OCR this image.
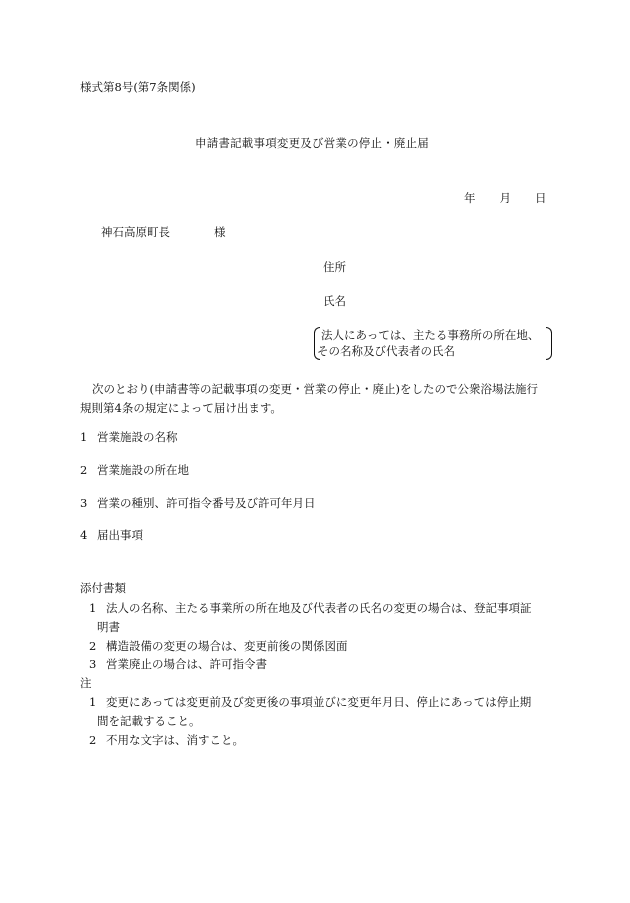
様式第8号(第7条関係)
申請書記載事項変更及び営業の停止・廃止届
年 月 日
神石高原町長	様
住所
氏名
法人にあっては、主たる事務所の所在地、
その名称及び代表者の氏名
次のとおり(申請書等の記載事項の変更・営業の停止・廃止)をしたので公衆浴場法施行
規則第4条の規定によって届け出ます。
1 営業施設の名称
2 営業施設の所在地
3 営業の種別、許可指令番号及び許可年月日
4 届出事項
添付書類
1 法人の名称、主たる事業所の所在地及び代表者の氏名の変更の場合は、登記事項証
明書
2 構造設備の変更の場合は、変更前後の関係図面
3 営業廃止の場合は、許可指令書
注
1 変更にあっては変更前及び変更後の事項並びに変更年月日、停止にあっては停止期
間を記載すること。
2 不用な文字は、消すこと。
